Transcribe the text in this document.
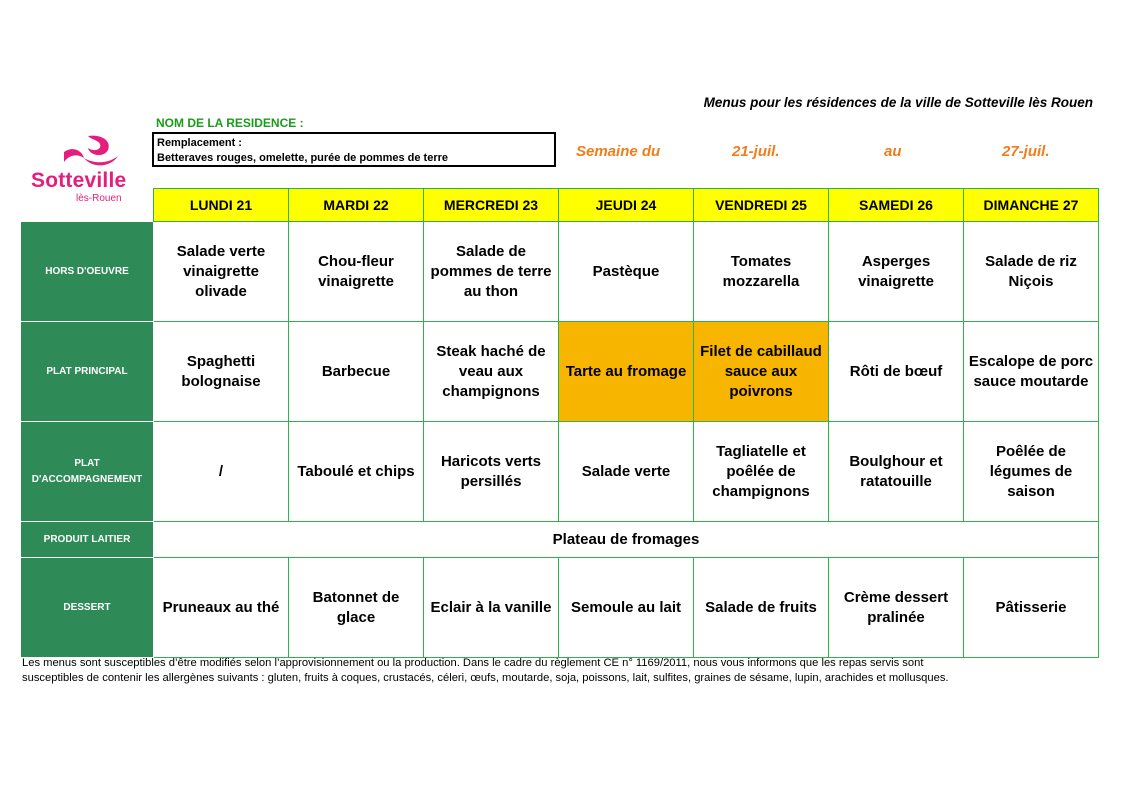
Menus pour les résidences de la ville de Sotteville lès Rouen
NOM DE LA RESIDENCE :
Remplacement :
Betteraves rouges, omelette, purée de pommes de terre	Semaine du	21-juil.	au	27-juil.
Sotteville
lès-Rouen
		LUNDI 21	MARDI 22	MERCREDI 23	JEUDI 24	VENDREDI 25	SAMEDI 26	DIMANCHE 27
HORS D'OEUVRE	Salade verte vinaigrette olivade	Chou-fleur vinaigrette	Salade de pommes de terre au thon	Pastèque	Tomates mozzarella	Asperges vinaigrette	Salade de riz Niçois
PLAT PRINCIPAL	Spaghetti bolognaise	Barbecue	Steak haché de veau aux champignons	Tarte au fromage	Filet de cabillaud sauce aux poivrons	Rôti de bœuf	Escalope de porc sauce moutarde

PLAT
D'ACCOMPAGNEMENT	/	Taboulé et chips	Haricots verts persillés	Salade verte	Tagliatelle et poêlée de champignons	Boulghour et ratatouille	Poêlée de légumes de saison
PRODUIT LAITIER	Plateau de fromages						
DESSERT	Pruneaux au thé	Batonnet de glace	Eclair à la vanille	Semoule au lait	Salade de fruits	Crème dessert pralinée	Pâtisserie
Les menus sont susceptibles d’être modifiés selon l’approvisionnement ou la production. Dans le cadre du règlement CE n° 1169/2011, nous vous informons que les repas servis sont
susceptibles de contenir les allergènes suivants : gluten, fruits à coques, crustacés, céleri, œufs, moutarde, soja, poissons, lait, sulfites, graines de sésame, lupin, arachides et mollusques.
